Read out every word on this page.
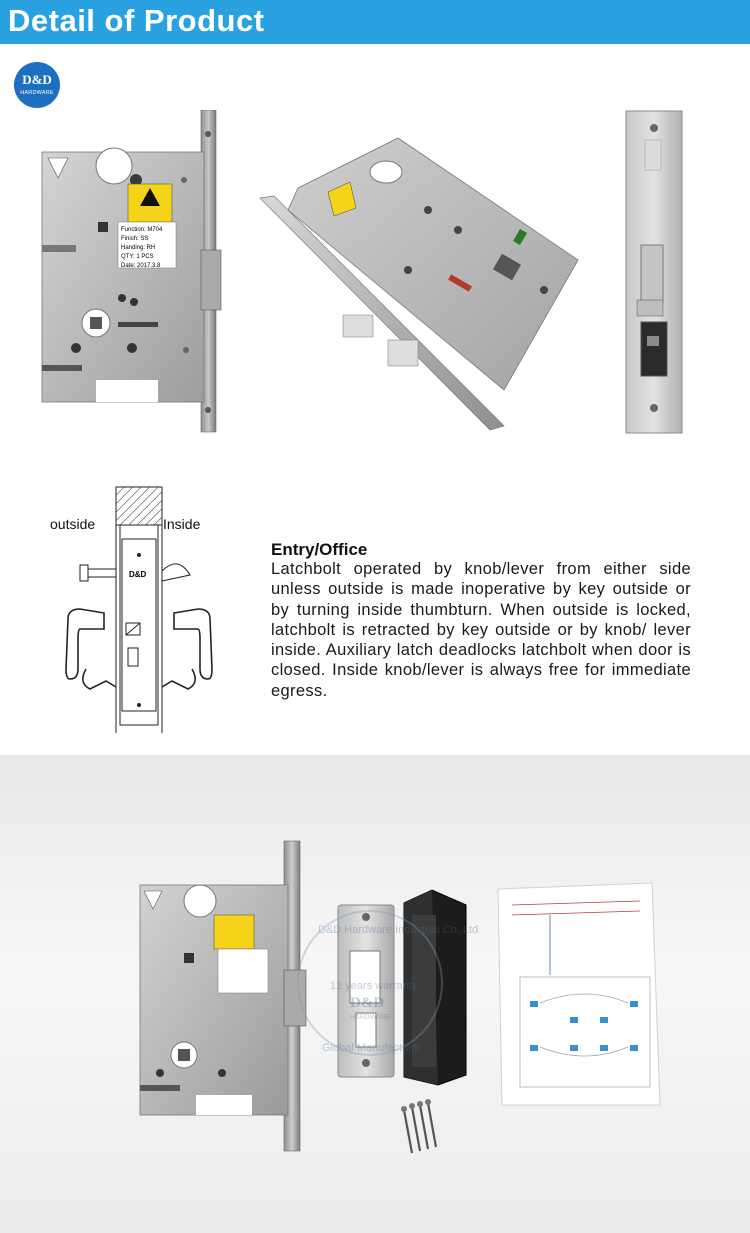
Detail of Product
D&D
HARDWARE
Function: M704
Finish: SS
Handing: RH
QTY: 1 PCS
Date: 2017.3.8
outside	Inside
D&D
Entry/Office
Latchbolt operated by knob/lever from either side unless outside is made inoperative by key outside or by turning inside thumbturn. When outside is locked, latchbolt is retracted by key outside or by knob/ lever inside. Auxiliary latch deadlocks latchbolt when door is closed. Inside knob/lever is always free for immediate egress.
D&D Hardware Industrial Co.,Ltd
12 years warranty
D&D
HARDWARE
Global Manufacturer
